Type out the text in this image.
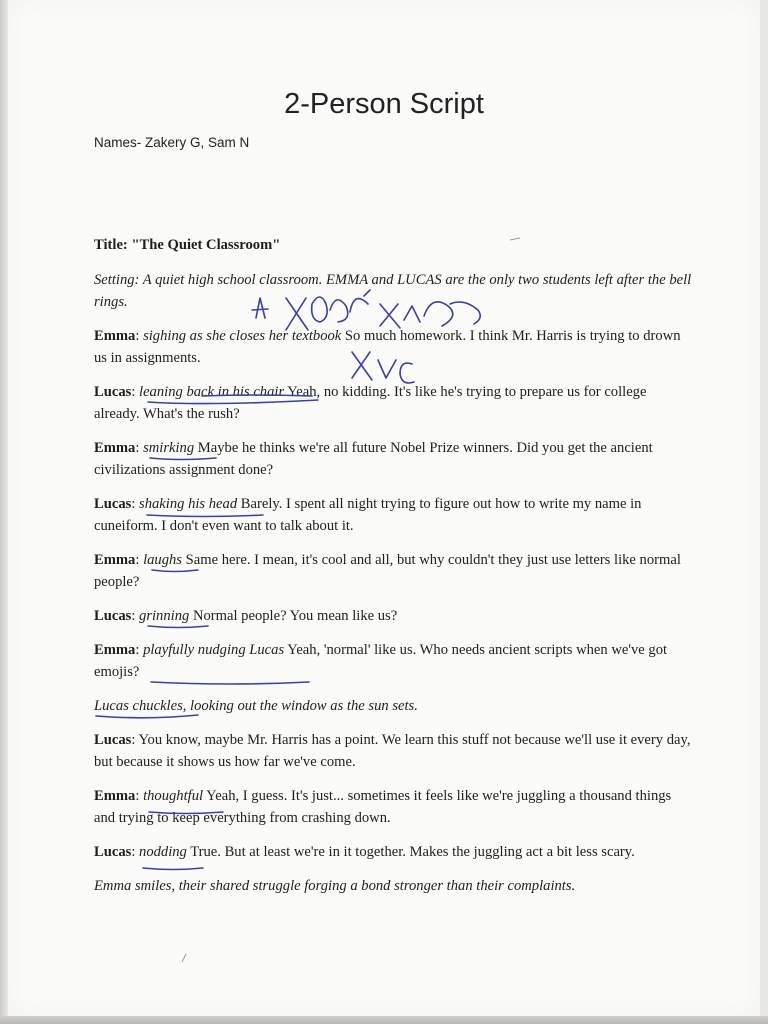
2-Person Script
Names- Zakery G, Sam N

Title: "The Quiet Classroom"

Setting: A quiet high school classroom. EMMA and LUCAS are the only two students left after the bell rings.

Emma: sighing as she closes her textbook So much homework. I think Mr. Harris is trying to drown us in assignments.

Lucas: leaning back in his chair Yeah, no kidding. It's like he's trying to prepare us for college already. What's the rush?

Emma: smirking Maybe he thinks we're all future Nobel Prize winners. Did you get the ancient civilizations assignment done?

Lucas: shaking his head Barely. I spent all night trying to figure out how to write my name in cuneiform. I don't even want to talk about it.

Emma: laughs Same here. I mean, it's cool and all, but why couldn't they just use letters like normal people?

Lucas: grinning Normal people? You mean like us?

Emma: playfully nudging Lucas Yeah, 'normal' like us. Who needs ancient scripts when we've got emojis?

Lucas chuckles, looking out the window as the sun sets.

Lucas: You know, maybe Mr. Harris has a point. We learn this stuff not because we'll use it every day, but because it shows us how far we've come.

Emma: thoughtful Yeah, I guess. It's just... sometimes it feels like we're juggling a thousand things and trying to keep everything from crashing down.

Lucas: nodding True. But at least we're in it together. Makes the juggling act a bit less scary.

Emma smiles, their shared struggle forging a bond stronger than their complaints.
